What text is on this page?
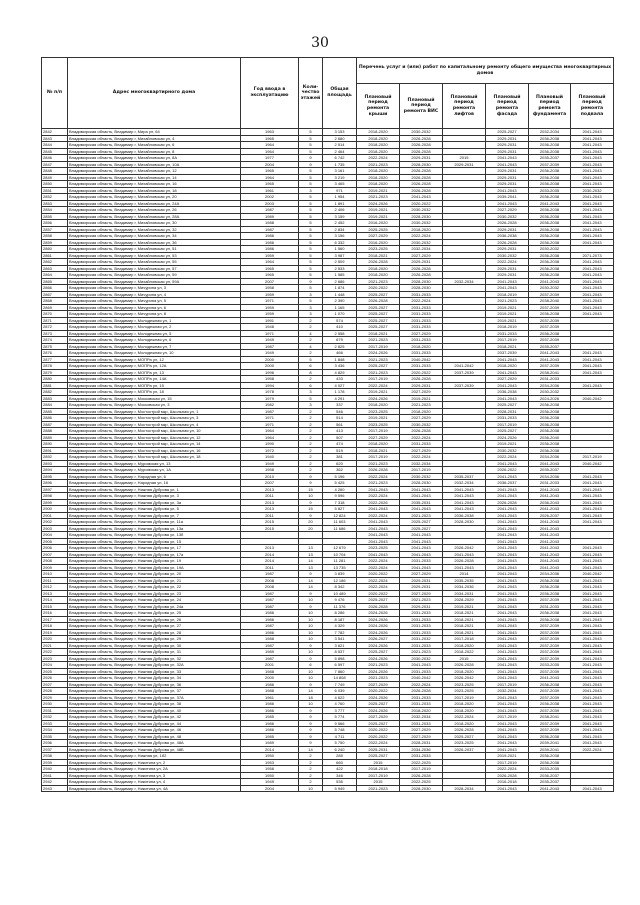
30
№ п/п	Адрес многоквартирного дома	Год ввода в эксплуатацию	Коли-чество этажей	Общая площадь	Перечень услуг и (или) работ по капитальному ремонту общего имущества многоквартирных домов					
					Плановый период ремонта крыши	Плановый период ремонта ВИС	Плановый период ремонта лифтов	Плановый период ремонта фасада	Плановый период ремонта фундамента	Плановый период ремонта подвала
2842	Владимирская область, Владимир г, Мира ул, 64	1963	5	3 153	2018-2020	2030-2032		2025-2027	2032-2034	2041-2043
2843	Владимирская область, Владимир г, Михайловская ул, 4	1965	5	2 680	2018-2020	2026-2028		2029-2031	2036-2038	2041-2043
2844	Владимирская область, Владимир г, Михайловская ул, 6	1964	5	2 514	2018-2020	2026-2028		2029-2031	2036-2038	2041-2043
2845	Владимирская область, Владимир г, Михайловская ул, 8	1964	5	2 464	2018-2020	2026-2028		2029-2031	2036-2038	2041-2043
2846	Владимирская область, Владимир г, Михайловская ул, 8А	1977	9	6 742	2022-2024	2029-2031	2015	2041-2043	2035-2037	2041-2043
2847	Владимирская область, Владимир г, Михайловская ул, 10А	2004	9	1 735	2021-2023	2028-2030	2029-2031	2041-2043	2037-2039	2041-2043
2848	Владимирская область, Владимир г, Михайловская ул, 12	1965	5	3 161	2018-2020	2026-2028		2029-2031	2036-2038	2041-2043
2849	Владимирская область, Владимир г, Михайловская ул, 14	1964	5	3 219	2018-2020	2026-2028		2029-2031	2036-2038	2041-2043
2850	Владимирская область, Владимир г, Михайловская ул, 16	1965	5	3 465	2018-2020	2026-2028		2029-2031	2036-2038	2041-2043
2851	Владимирская область, Владимир г, Михайловская ул, 18	1961	3	971	2019-2021	2026-2028		2041-2043	2033-2035	2030-2032
2852	Владимирская область, Владимир г, Михайловская ул, 20	2002	5	1 954	2021-2023	2041-2043		2039-2041	2036-2038	2041-2043
2853	Владимирская область, Владимир г, Михайловская ул, 24А	2003	5	1 891	2024-2026	2020-2022		2041-2043	2041-2043	2041-2043
2854	Владимирская область, Владимир г, Михайловская ул, 26	1987	5	2 406	2019-2021	2030-2032		2027-2029	2036-2038	2041-2043
2855	Владимирская область, Владимир г, Михайловская ул, 28А	1989	5	3 159	2019-2021	2028-2030		2030-2032	2036-2038	2041-2043
2856	Владимирская область, Владимир г, Михайловская ул, 30	1988	5	2 452	2016-2020	2030-2032		2026-2028	2036-2038	2041-2043
2857	Владимирская область, Владимир г, Михайловская ул, 32	1987	5	2 834	2025-2025	2018-2020		2029-2031	2036-2038	2041-2043
2858	Владимирская область, Владимир г, Михайловская ул, 34	1986	5	3 156	2027-2029	2022-2024		2036-2038	2036-2038	2041-2043
2859	Владимирская область, Владимир г, Михайловская ул, 36	1986	5	6 332	2016-2020	2030-2032		2026-2028	2036-2038	2041-2043
2860	Владимирская область, Владимир г, Михайловская ул, 51	1986	5	1 560	2023-2025	2032-2034		2029-2031	2030-2032	
2861	Владимирская область, Владимир г, Михайловская ул, 53	1959	5	3 987	2018-2021	2027-2029		2030-2032	2036-2038	2071-2073
2862	Владимирская область, Владимир г, Михайловская ул, 55	1964	5	2 509	2026-2028	2029-2031		2022-2024	2036-2038	2041-2043
2863	Владимирская область, Владимир г, Михайловская ул, 57	1965	5	2 533	2018-2020	2026-2028		2029-2031	2036-2038	2041-2043
2864	Владимирская область, Владимир г, Михайловская ул, 59	1965	5	1 585	2018-2020	2026-2028		2029-2031	2036-2038	2041-2043
2865	Владимирская область, Владимир г, Михайловская ул, 59А	2007	9	2 686	2021-2023	2028-2030	2032-2034	2041-2043	2041-2043	2041-2043
2866	Владимирская область, Владимир г, Мичурина ул, 3	1958	5	1 874	2020-2022	2028-2030		2041-2043	2030-2032	2041-2043
2867	Владимирская область, Владимир г, Мичурина ул, 4	1959	3	1 448	2025-2027	2031-2033		2018-2019	2037-2039	2041-2043
2868	Владимирская область, Владимир г, Мичурина ул, 5	1971	5	2 390	2026-2028	2022-2024		2021-2023	2038-2040	2041-2043
2869	Владимирская область, Владимир г, Мичурина ул, 6	1959	3	1 165	2025-2027	2031-2033		2019-2021	2037-2039	2041-2043
2870	Владимирская область, Владимир г, Мичурина ул, 8	1959	3	1 070	2025-2027	2031-2033		2019-2021	2036-2038	2041-2043
2871	Владимирская область, Владимир г, Молодежная ул, 1	1991	2	574	2025-2027	2031-2033		2019-2021	2037-2039	
2872	Владимирская область, Владимир г, Молодежная ул, 2	1948	2	410	2025-2027	2031-2033		2018-2019	2037-2039	
2873	Владимирская область, Владимир г, Молодежная ул, 5	1971	4	2 558	2018-2021	2027-2029		2031-2033	2036-2038	
2874	Владимирская область, Владимир г, Молодежная ул, 6	1949	2	679	2021-2023	2031-2033		2017-2019	2037-2039	
2875	Владимирская область, Владимир г, Молодежная ул, 7	1987	4	2 825	2017-2019	2018-2020		2018-2021	2035-2037	
2876	Владимирская область, Владимир г, Молодежная ул, 10	1949	2	466	2024-2026	2031-2033		2037-2039	2041-2043	2041-2043
2877	Владимирская область, Владимир г, МОПРа ул, 12	2000	5	1 848	2021-2023	2040-2042		2041-2043	2041-2043	2041-2043
2878	Владимирская область, Владимир г, МОПРа ул, 12А	2000	6	3 436	2025-2027	2031-2033	2041-2042	2018-2020	2037-2039	2041-2043
2879	Владимирская область, Владимир г, МОПРа ул, 13	1996	8	4 829	2021-2023	2020-2022	2037-2039	2041-2043	2038-2041	2041-2043
2880	Владимирская область, Владимир г, МОПРа ул, 14А	1958	2	433	2017-2019	2026-2028		2027-2029	2031-2033	
2881	Владимирская область, Владимир г, МОПРа ул, 15	1994	6	4 027	2022-2024	2029-2031	2037-2039	2041-2043	2034-2036	2041-2043
2882	Владимирская область, Владимир г, МОПРа ул, 18	1978	3	1 178	2019-2021	2027-2029		2036-2038	2030-2032	
2883	Владимирская область, Владимир г, Московская ул, 15	1979	5	4 291	2024-2026	2019-2021		2041-2043	2024-2026	2040-2042
2884	Владимирская область, Владимир г, Московская ул, 3	1982	3	337	2018-2020	2021-2023		2025-2027	2036-2038	
2885	Владимирская область, Владимир г, Мостострой мкр, Школьная ул, 1	1987	2	546	2023-2025	2018-2020		2028-2031	2036-2038	
2886	Владимирская область, Владимир г, Мостострой мкр, Школьная ул, 3	1971	2	514	2019-2021	2027-2029		2031-2033	2036-2038	
2887	Владимирская область, Владимир г, Мостострой мкр, Школьная ул, 4	1971	2	561	2023-2025	2030-2032		2017-2019	2036-2038	
2888	Владимирская область, Владимир г, Мостострой мкр, Школьная ул, 10	1964	2	413	2017-2019	2026-2028		2025-2027	2036-2038	
2889	Владимирская область, Владимир г, Мостострой мкр, Школьная ул, 12	1964	2	507	2027-2029	2022-2024		2024-2026	2036-2040	
2890	Владимирская область, Владимир г, Мостострой мкр, Школьная ул, 14	1990	2	474	2018-2020	2031-2033		2019-2021	2036-2038	
2891	Владимирская область, Владимир г, Мостострой мкр, Школьная ул, 16	1972	2	519	2018-2021	2027-2029		2030-2032	2036-2038	
2892	Владимирская область, Владимир г, Мостострой мкр, Школьная ул, 18	1940	2	381	2017-2019	2022-2024		2022-2024	2034-2036	2017-2019
2893	Владимирская область, Владимир г, Муромская ул, 13	1949	2	620	2021-2023	2032-2034		2041-2043	2041-2043	2040-2042
2894	Владимирская область, Владимир г, Муромская ул, 1А	1958	2	362	2026-2028	2017-2019		2026-2022	2035-2037	
2895	Владимирская область, Владимир г, Народная ул, 6	2010	9	5 196	2022-2024	2030-2032	2035-2037	2041-2043	2034-2036	2041-2043
2896	Владимирская область, Владимир г, Народная ул, 16	2007	9	5 425	2021-2023	2028-2030	2032-2034	2036-2037	2031-2033	2041-2043
2897	Владимирская область, Владимир г, Нижняя Дуброва ул, 1	2013	15	4 260	2041-2043	2041-2043	2041-2043	2041-2043	2041-2043	2041-2043
2898	Владимирская область, Владимир г, Нижняя Дуброва ул, 3	2011	10	9 596	2022-2024	2041-2043	2041-2043	2041-2043	2041-2043	2041-2043
2899	Владимирская область, Владимир г, Нижняя Дуброва ул, 3а	2013	9	7 318	2022-2026	2035-2031	2041-2043	2026-2028	2036-2043	2041-2043
2900	Владимирская область, Владимир г, Нижняя Дуброва ул, 5	2013	15	5 827	2041-2043	2041-2043	2041-2043	2041-2043	2041-2043	2041-2043
2901	Владимирская область, Владимир г, Нижняя Дуброва ул, 7	2011	9	12 824	2022-2024	2021-2023	2036-2038	2041-2043	2026-2037	2041-2043
2902	Владимирская область, Владимир г, Нижняя Дуброва ул, 11а	2015	20	11 603	2041-2043	2025-2027	2028-2030	2041-2043	2041-2043	2041-2043
2903	Владимирская область, Владимир г, Нижняя Дуброва ул, 13а	2015	20	11 686	2041-2043	2025-2027		2041-2043	2041-2043	
2904	Владимирская область, Владимир г, Нижняя Дуброва ул, 13б				2041-2043	2041-2043		2041-2043	2041-2043	
2905	Владимирская область, Владимир г, Нижняя Дуброва ул, 15				2041-2043	2041-2043		2041-2043	2041-2043	
2906	Владимирская область, Владимир г, Нижняя Дуброва ул, 17	2013	13	12 679	2023-2025	2041-2043	2026-2042	2041-2043	2041-2043	2041-2043
2907	Владимирская область, Владимир г, Нижняя Дуброва ул, 17а	2014	13	10 704	2041-2043	2041-2043	2041-2043	2041-2043	2041-2043	2041-2043
2908	Владимирская область, Владимир г, Нижняя Дуброва ул, 19	2014	14	11 281	2022-2024	2031-2033	2026-2028	2041-2043	2041-2043	2041-2043
2909	Владимирская область, Владимир г, Нижняя Дуброва ул, 19А	2011	13	13 735	2022-2024	2041-2043	2041-2043	2041-2043	2041-2043	2041-2043
2910	Владимирская область, Владимир г, Нижняя Дуброва ул, 20	1987	9	3 839	2020-2022	2027-2029	2014	2041-2043	2034-2036	2040-2042
2911	Владимирская область, Владимир г, Нижняя Дуброва ул, 21	2008	14	12 186	2022-2024	2029-2031	2035-2035	2041-2043	2036-2038	2041-2043
2912	Владимирская область, Владимир г, Нижняя Дуброва ул, 22	2008	14	8 342	2022-2024	2029-2031	2034-2036	2041-2043	2036-2038	2041-2043
2913	Владимирская область, Владимир г, Нижняя Дуброва ул, 23	1987	9	10 489	2020-2022	2027-2029	2034-2031	2041-2043	2036-2038	2041-2043
2914	Владимирская область, Владимир г, Нижняя Дуброва ул, 24	1987	10	9 476	2025-2027	2021-2023	2028-2029	2041-2043	2037-2039	2041-2043
2915	Владимирская область, Владимир г, Нижняя Дуброва ул, 24а	1987	9	11 376	2026-2028	2029-2031	2019-2021	2041-2043	2031-2033	2041-2043
2916	Владимирская область, Владимир г, Нижняя Дуброва ул, 25	1986	10	8 286	2024-2026	2031-2033	2018-2021	2041-2043	2036-2038	2041-2043
2917	Владимирская область, Владимир г, Нижняя Дуброва ул, 26	1986	10	8 187	2024-2026	2031-2033	2018-2021	2041-2043	2036-2038	2041-2043
2918	Владимирская область, Владимир г, Нижняя Дуброва ул, 27	1987	10	4 329	2024-2026	2031-2033	2018-2021	2041-2043	2037-2039	2041-2043
2919	Владимирская область, Владимир г, Нижняя Дуброва ул, 28	1986	10	7 782	2024-2026	2031-2033	2018-2021	2041-2043	2037-2039	2041-2043
2920	Владимирская область, Владимир г, Нижняя Дуброва ул, 29	1988	10	3 541	2026-2027	2031-2032	2017-2018	2041-2043	2037-2039	2041-2043
2921	Владимирская область, Владимир г, Нижняя Дуброва ул, 30	1987	9	3 621	2024-2026	2031-2033	2018-2020	2041-2043	2037-2039	2041-2043
2922	Владимирская область, Владимир г, Нижняя Дуброва ул, 31	1989	10	8 537	2025-2027	2021-2023	2018-2022	2041-2043	2037-2039	2041-2043
2923	Владимирская область, Владимир г, Нижняя Дуброва ул, 32	1987	9	5 898	2024-2026	2030-2032	2015	2041-2043	2037-2039	2041-2043
2924	Владимирская область, Владимир г, Нижняя Дуброва ул, 32А	2001	6	6 597	2021-2023	2041-2043	2026-2028	2041-2043	2033-2035	2041-2043
2925	Владимирская область, Владимир г, Нижняя Дуброва ул, 33	1988	10	7 860	2024-2026	2031-2033	2018-2020	2041-2043	2037-2039	2041-2043
2926	Владимирская область, Владимир г, Нижняя Дуброва ул, 34	2000	10	14 808	2021-2023	2040-2042	2026-2042	2041-2043	2041-2043	2041-2043
2927	Владимирская область, Владимир г, Нижняя Дуброва ул, 36	1986	9	7 749	2027-2029	2022-2024	2023-2025	2017-2019	2036-2038	2041-2043
2928	Владимирская область, Владимир г, Нижняя Дуброва ул, 37	1988	14	6 039	2020-2022	2026-2028	2023-2025	2032-2034	2037-2039	2041-2043
2929	Владимирская область, Владимир г, Нижняя Дуброва ул, 37А	1961	18	4 622	2024-2026	2031-2033	2017-2019	2041-2043	2037-2039	2041-2043
2930	Владимирская область, Владимир г, Нижняя Дуброва ул, 38	1986	10	4 760	2025-2027	2031-2033	2018-2020	2041-2043	2036-2038	2041-2043
2931	Владимирская область, Владимир г, Нижняя Дуброва ул, 40	1986	9	3 777	2024-2026	2018-2020	2018-2020	2041-2043	2037-2039	2041-2043
2932	Владимирская область, Владимир г, Нижняя Дуброва ул, 42	1985	9	5 774	2027-2029	2032-2034	2022-2024	2017-2019	2038-2041	2041-2043
2933	Владимирская область, Владимир г, Нижняя Дуброва ул, 44	1986	9	9 566	2025-2027	2031-2033	2018-2020	2041-2043	2037-2039	2041-2043
2934	Владимирская область, Владимир г, Нижняя Дуброва ул, 46	1986	9	5 748	2020-2022	2027-2029	2026-2028	2041-2043	2037-2039	2041-2043
2935	Владимирская область, Владимир г, Нижняя Дуброва ул, 48	1985	9	4 711	2020-2022	2027-2029	2025-2027	2041-2043	2036-2038	2041-2043
2936	Владимирская область, Владимир г, Нижняя Дуброва ул, 48А	1989	9	5 750	2022-2024	2028-2031	2023-2025	2041-2043	2039-2041	2041-2043
2937	Владимирская область, Владимир г, Нижняя Дуброва ул, 48Б	2014	14	6 240	2025-2031	2034-2036	2026-2037	2041-2043	2039-2041	2022-2024
2938	Владимирская область, Владимир г, Нижняя ул, 1б2	1950	2	285	2025-2027	2031-2033		2019-2021	2036-2038	
2939	Владимирская область, Владимир г, Никитина ул, 2	1953	2	660	2015	2022-2025		2017-2019	2036-2038	
2940	Владимирская область, Владимир г, Никитина ул, 2А	1958	2	422	2018-2018	2017-2019		2022-2024	2033-2035	
2941	Владимирская область, Владимир г, Никитина ул, 3	1950	2	346	2017-2019	2026-2028		2026-2028	2036-2037	
2942	Владимирская область, Владимир г, Никитина ул, 4	1949	2	536	2015	2022-2025		2016-2018	2035-2037	
2943	Владимирская область, Владимир г, Никитина ул, 4А	2004	10	5 949	2021-2023	2028-2030	2028-2034	2041-2043	2041-2043	2041-2043
